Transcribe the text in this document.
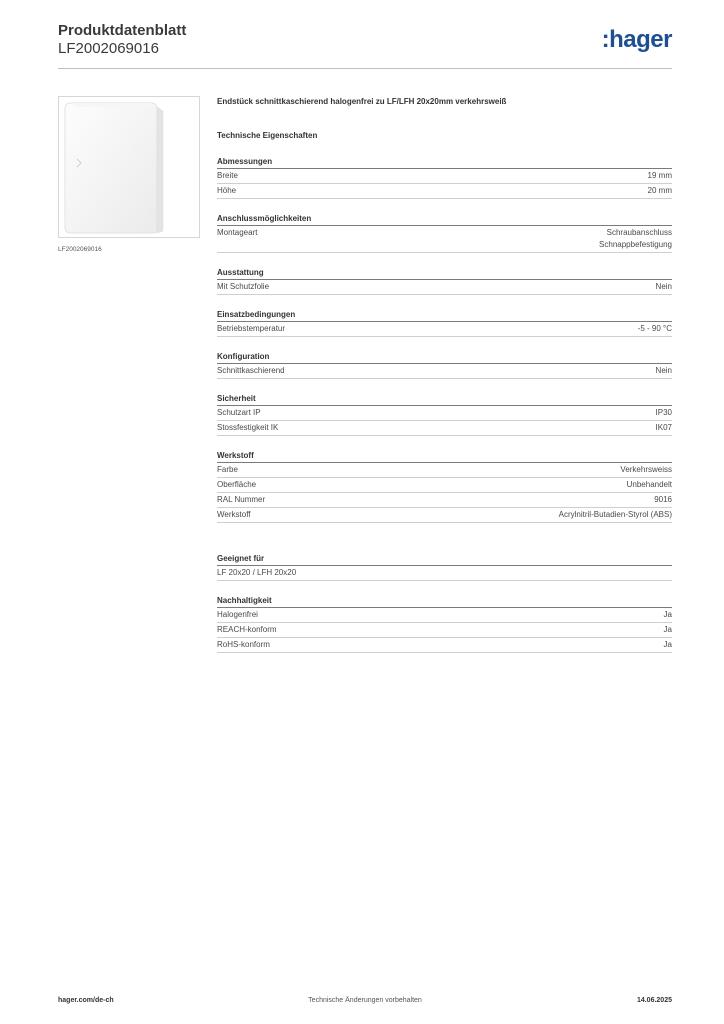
Produktdatenblatt
LF2002069016	:hager
LF2002069016
Endstück schnittkaschierend halogenfrei zu LF/LFH 20x20mm verkehrsweiß
Technische Eigenschaften
Abmessungen
Breite	19 mm
Höhe	20 mm
Anschlussmöglichkeiten
Montageart	Schraubanschluss
Schnappbefestigung
Ausstattung
Mit Schutzfolie	Nein
Einsatzbedingungen
Betriebstemperatur	-5 - 90 °C
Konfiguration
Schnittkaschierend	Nein
Sicherheit
Schutzart IP	IP30
Stossfestigkeit IK	IK07
Werkstoff
Farbe	Verkehrsweiss
Oberfläche	Unbehandelt
RAL Nummer	9016
Werkstoff	Acrylnitril-Butadien-Styrol (ABS)
Geeignet für
LF 20x20 / LFH 20x20
Nachhaltigkeit
Halogenfrei	Ja
REACH-konform	Ja
RoHS-konform	Ja
hager.com/de-ch	Technische Änderungen vorbehalten	14.06.2025
